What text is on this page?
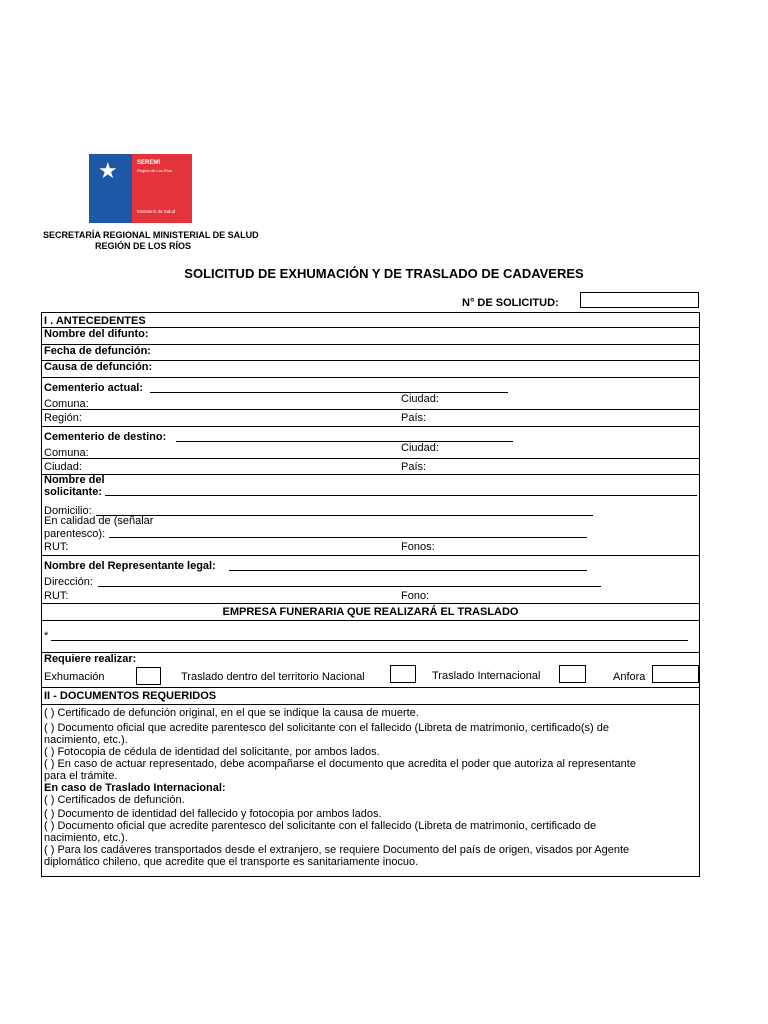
★	SEREMI
Región de Los Ríos
Ministerio de Salud
SECRETARÍA REGIONAL MINISTERIAL DE SALUD
REGIÓN DE LOS RÍOS
SOLICITUD DE EXHUMACIÓN Y DE TRASLADO DE CADAVERES
N° DE SOLICITUD:
I . ANTECEDENTES
Nombre del difunto:
Fecha de defunción:
Causa de defunción:
Cementerio actual:
Ciudad:
Comuna:
Región:	País:
Cementerio de destino:
Ciudad:
Comuna:
Ciudad:	País:
Nombre del
solicitante:
Domicilio:
En calidad de (señalar
parentesco):
RUT:	Fonos:
Nombre del Representante legal:
Dirección:
RUT:	Fono:
EMPRESA FUNERARIA QUE REALIZARÁ EL TRASLADO
*
Requiere realizar:
Exhumación	Traslado dentro del territorio Nacional	Traslado Internacional	Anfora
II - DOCUMENTOS REQUERIDOS
( ) Certificado de defunción original, en el que se indique la causa de muerte.
( ) Documento oficial que acredite parentesco del solicitante con el fallecido (Libreta de matrimonio, certificado(s) de
nacimiento, etc.).
( ) Fotocopia de cédula de identidad del solicitante, por ambos lados.
( ) En caso de actuar representado, debe acompañarse el documento que acredita el poder que autoriza al representante
para el trámite.
En caso de Traslado Internacional:
( ) Certificados de defunción.
( ) Documento de identidad del fallecido y fotocopia por ambos lados.
( ) Documento oficial que acredite parentesco del solicitante con el fallecido (Libreta de matrimonio, certificado de
nacimiento, etc.).
( ) Para los cadáveres transportados desde el extranjero, se requiere Documento del país de origen, visados por Agente
diplomático chileno, que acredite que el transporte es sanitariamente inocuo.
